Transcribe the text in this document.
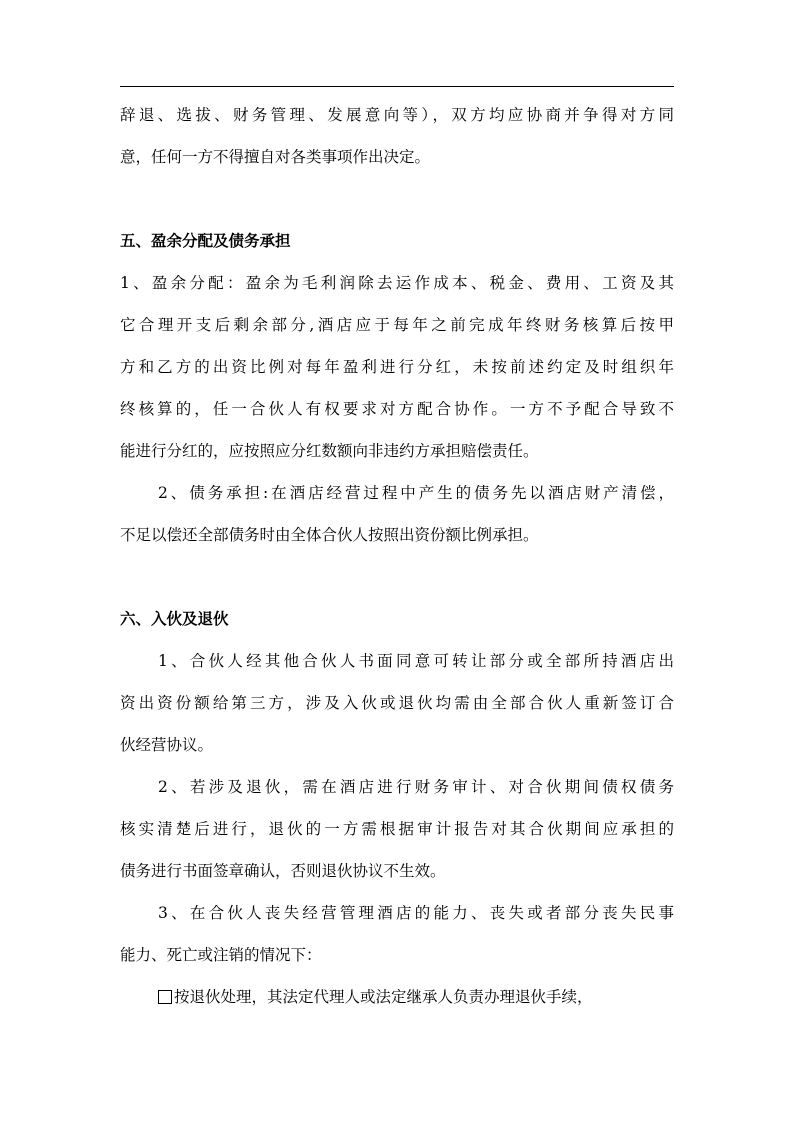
辞退、选拔、财务管理、发展意向等），双方均应协商并争得对方同
意，任何一方不得擅自对各类事项作出决定。
五、盈余分配及债务承担
1、盈余分配：盈余为毛利润除去运作成本、税金、费用、工资及其
它合理开支后剩余部分,酒店应于每年之前完成年终财务核算后按甲
方和乙方的出资比例对每年盈利进行分红，未按前述约定及时组织年
终核算的，任一合伙人有权要求对方配合协作。一方不予配合导致不
能进行分红的，应按照应分红数额向非违约方承担赔偿责任。
2、债务承担:在酒店经营过程中产生的债务先以酒店财产清偿，
不足以偿还全部债务时由全体合伙人按照出资份额比例承担。
六、入伙及退伙
1、合伙人经其他合伙人书面同意可转让部分或全部所持酒店出
资出资份额给第三方，涉及入伙或退伙均需由全部合伙人重新签订合
伙经营协议。
2、若涉及退伙，需在酒店进行财务审计、对合伙期间债权债务
核实清楚后进行，退伙的一方需根据审计报告对其合伙期间应承担的
债务进行书面签章确认，否则退伙协议不生效。
3、在合伙人丧失经营管理酒店的能力、丧失或者部分丧失民事
能力、死亡或注销的情况下：
按退伙处理，其法定代理人或法定继承人负责办理退伙手续，
